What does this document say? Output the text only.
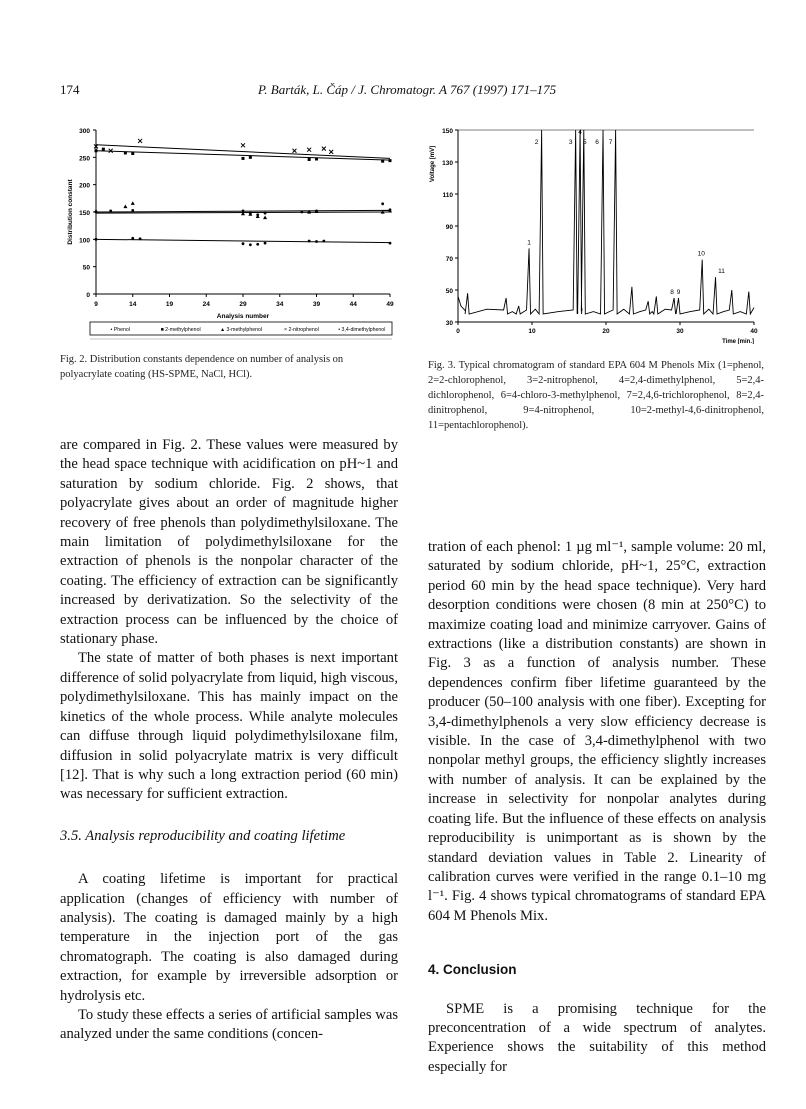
174	P. Barták, L. Čáp / J. Chromatogr. A 767 (1997) 171–175
0
50
100
150
200
250
300
9	14	19	24	29	34	39	44	49
Analysis number
Distribution constant
• Phenol	■ 2-methylphenol	▲ 3-methylphenol	× 2-nitrophenol	• 3,4-dimethylphenol
Fig. 2. Distribution constants dependence on number of analysis on polyacrylate coating (HS-SPME, NaCl, HCl).
30
50
70
90
110
130
150
0	10	20	30	40
Time [min.]
Voltage [mV]
1
2	3 5
4
6 7
8 9
10
11
Fig. 3. Typical chromatogram of standard EPA 604 M Phenols Mix (1=phenol, 2=2-chlorophenol, 3=2-nitrophenol, 4=2,4-dimethylphenol, 5=2,4-dichlorophenol, 6=4-chloro-3-methylphenol, 7=2,4,6-trichlorophenol, 8=2,4-dinitrophenol, 9=4-nitrophenol, 10=2-methyl-4,6-dinitrophenol, 11=pentachlorophenol).

are compared in Fig. 2. These values were measured by the head space technique with acidification on pH~1 and saturation by sodium chloride. Fig. 2 shows, that polyacrylate gives about an order of magnitude higher recovery of free phenols than polydimethylsiloxane. The main limitation of polydimethylsiloxane for the extraction of phenols is the nonpolar character of the coating. The efficiency of extraction can be significantly increased by derivatization. So the selectivity of the extraction process can be influenced by the choice of stationary phase.

The state of matter of both phases is next important difference of solid polyacrylate from liquid, high viscous, polydimethylsiloxane. This has mainly impact on the kinetics of the whole process. While analyte molecules can diffuse through liquid polydimethylsiloxane film, diffusion in solid polyacrylate matrix is very difficult [12]. That is why such a long extraction period (60 min) was necessary for sufficient extraction.

3.5. Analysis reproducibility and coating lifetime

A coating lifetime is important for practical application (changes of efficiency with number of analysis). The coating is damaged mainly by a high temperature in the injection port of the gas chromatograph. The coating is also damaged during extraction, for example by irreversible adsorption or hydrolysis etc.

To study these effects a series of artificial samples was analyzed under the same conditions (concen-

tration of each phenol: 1 µg ml⁻¹, sample volume: 20 ml, saturated by sodium chloride, pH~1, 25°C, extraction period 60 min by the head space technique). Very hard desorption conditions were chosen (8 min at 250°C) to maximize coating load and minimize carryover. Gains of extractions (like a distribution constants) are shown in Fig. 3 as a function of analysis number. These dependences confirm fiber lifetime guaranteed by the producer (50–100 analysis with one fiber). Excepting for 3,4-dimethylphenols a very slow efficiency decrease is visible. In the case of 3,4-dimethylphenol with two nonpolar methyl groups, the efficiency slightly increases with number of analysis. It can be explained by the increase in selectivity for nonpolar analytes during coating life. But the influence of these effects on analysis reproducibility is unimportant as is shown by the standard deviation values in Table 2. Linearity of calibration curves were verified in the range 0.1–10 mg l⁻¹. Fig. 4 shows typical chromatograms of standard EPA 604 M Phenols Mix.

4. Conclusion

SPME is a promising technique for the preconcentration of a wide spectrum of analytes. Experience shows the suitability of this method especially for
